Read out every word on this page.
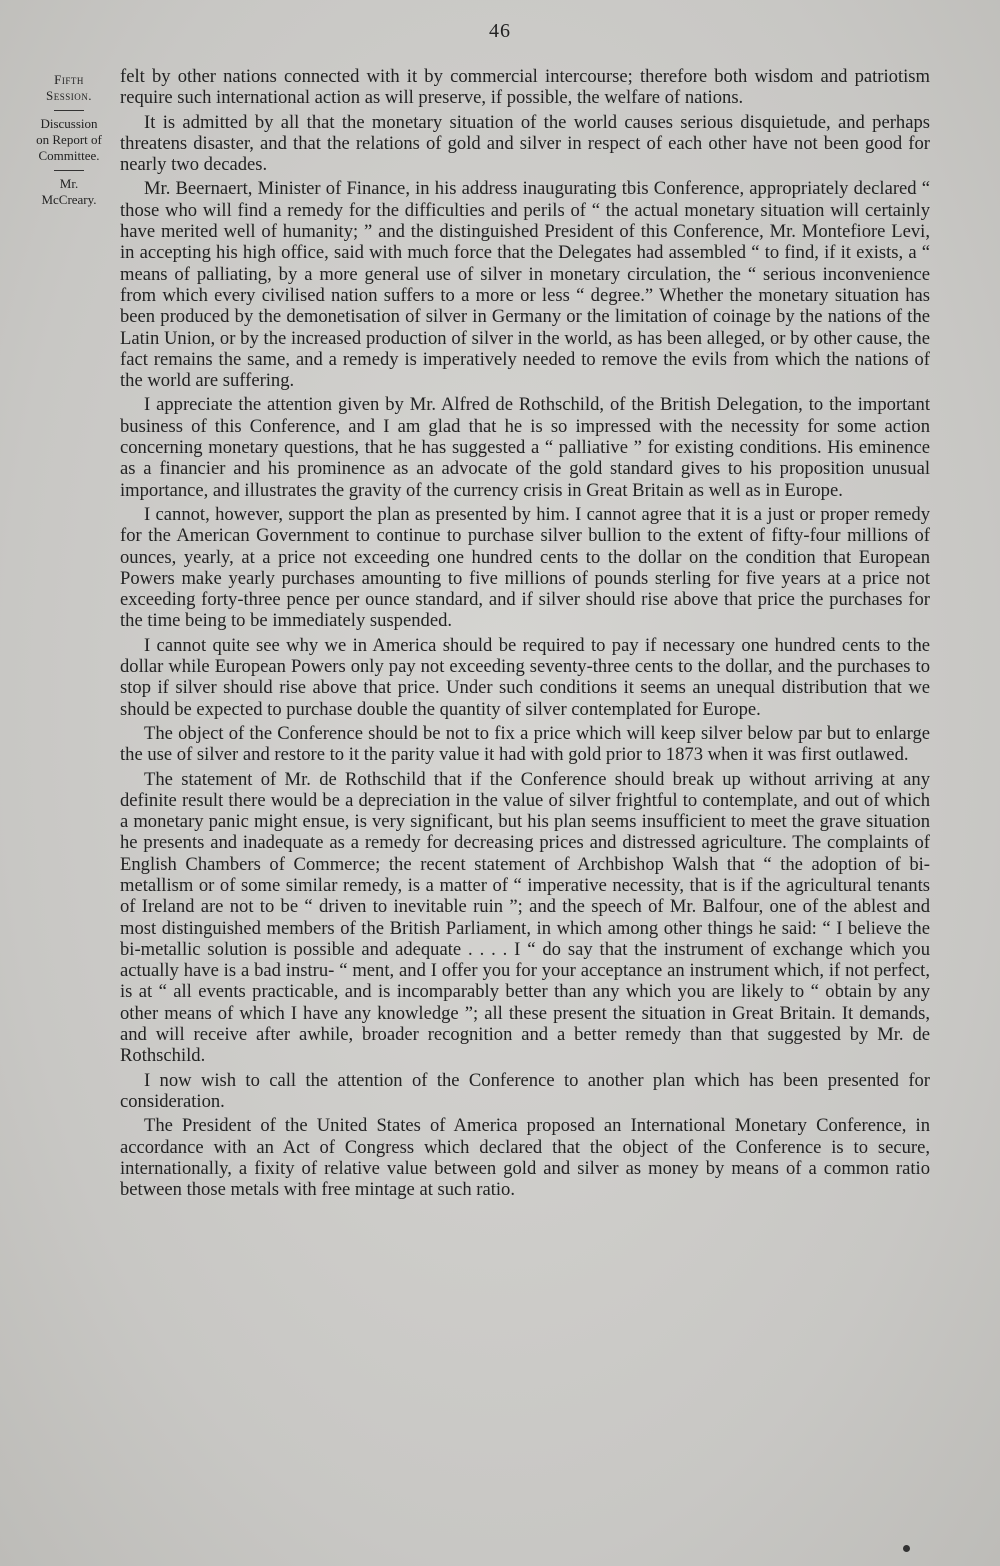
46
Fifth
Session.
Discussion
on Report of
Committee.
Mr.
McCreary.

felt by other nations connected with it by commercial intercourse; therefore both wisdom and patriotism require such international action as will preserve, if possible, the welfare of nations.

It is admitted by all that the monetary situation of the world causes serious disquietude, and perhaps threatens disaster, and that the relations of gold and silver in respect of each other have not been good for nearly two decades.

Mr. Beernaert, Minister of Finance, in his address inaugurating tbis Conference, appropriately declared “ those who will find a remedy for the difficulties and perils of “ the actual monetary situation will certainly have merited well of humanity; ” and the distinguished President of this Conference, Mr. Montefiore Levi, in accepting his high office, said with much force that the Delegates had assembled “ to find, if it exists, a “ means of palliating, by a more general use of silver in monetary circulation, the “ serious inconvenience from which every civilised nation suffers to a more or less “ degree.” Whether the monetary situation has been produced by the demonetisation of silver in Germany or the limitation of coinage by the nations of the Latin Union, or by the increased production of silver in the world, as has been alleged, or by other cause, the fact remains the same, and a remedy is imperatively needed to remove the evils from which the nations of the world are suffering.

I appreciate the attention given by Mr. Alfred de Rothschild, of the British Delegation, to the important business of this Conference, and I am glad that he is so impressed with the necessity for some action concerning monetary questions, that he has suggested a “ palliative ” for existing conditions. His eminence as a financier and his prominence as an advocate of the gold standard gives to his proposition unusual importance, and illustrates the gravity of the currency crisis in Great Britain as well as in Europe.

I cannot, however, support the plan as presented by him. I cannot agree that it is a just or proper remedy for the American Government to continue to purchase silver bullion to the extent of fifty-four millions of ounces, yearly, at a price not exceeding one hundred cents to the dollar on the condition that European Powers make yearly purchases amounting to five millions of pounds sterling for five years at a price not exceeding forty-three pence per ounce standard, and if silver should rise above that price the purchases for the time being to be immediately suspended.

I cannot quite see why we in America should be required to pay if necessary one hundred cents to the dollar while European Powers only pay not exceeding seventy-three cents to the dollar, and the purchases to stop if silver should rise above that price. Under such conditions it seems an unequal distribution that we should be expected to purchase double the quantity of silver contemplated for Europe.

The object of the Conference should be not to fix a price which will keep silver below par but to enlarge the use of silver and restore to it the parity value it had with gold prior to 1873 when it was first outlawed.

The statement of Mr. de Rothschild that if the Conference should break up without arriving at any definite result there would be a depreciation in the value of silver frightful to contemplate, and out of which a monetary panic might ensue, is very significant, but his plan seems insufficient to meet the grave situation he presents and inadequate as a remedy for decreasing prices and distressed agriculture. The complaints of English Chambers of Commerce; the recent statement of Archbishop Walsh that “ the adoption of bi-metallism or of some similar remedy, is a matter of “ imperative necessity, that is if the agricultural tenants of Ireland are not to be “ driven to inevitable ruin ”; and the speech of Mr. Balfour, one of the ablest and most distinguished members of the British Parliament, in which among other things he said: “ I believe the bi-metallic solution is possible and adequate . . . . I “ do say that the instrument of exchange which you actually have is a bad instru- “ ment, and I offer you for your acceptance an instrument which, if not perfect, is at “ all events practicable, and is incomparably better than any which you are likely to “ obtain by any other means of which I have any knowledge ”; all these present the situation in Great Britain. It demands, and will receive after awhile, broader recognition and a better remedy than that suggested by Mr. de Rothschild.

I now wish to call the attention of the Conference to another plan which has been presented for consideration.

The President of the United States of America proposed an International Monetary Conference, in accordance with an Act of Congress which declared that the object of the Conference is to secure, internationally, a fixity of relative value between gold and silver as money by means of a common ratio between those metals with free mintage at such ratio.
